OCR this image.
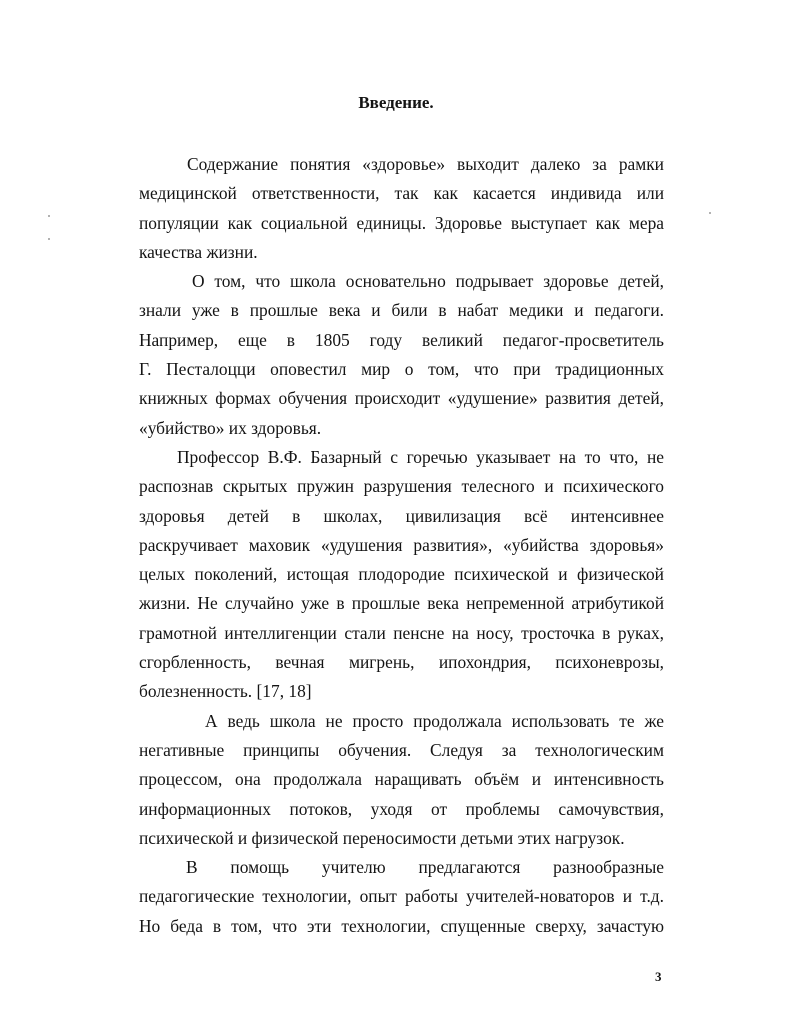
Введение.

Содержание понятия «здоровье» выходит далеко за рамки
медицинской ответственности, так как касается индивида или
популяции как социальной единицы. Здоровье выступает как мера
качества жизни.

О том, что школа основательно подрывает здоровье детей,
знали уже в прошлые века и били в набат медики и педагоги.
Например, еще в 1805 году великий педагог-просветитель
Г. Песталоцци оповестил мир о том, что при традиционных
книжных формах обучения происходит «удушение» развития детей,
«убийство» их здоровья.

Профессор В.Ф. Базарный с горечью указывает на то что, не
распознав скрытых пружин разрушения телесного и психического
здоровья детей в школах, цивилизация всё интенсивнее
раскручивает маховик «удушения развития», «убийства здоровья»
целых поколений, истощая плодородие психической и физической
жизни. Не случайно уже в прошлые века непременной атрибутикой
грамотной интеллигенции стали пенсне на носу, тросточка в руках,
сгорбленность, вечная мигрень, ипохондрия, психоневрозы,
болезненность. [17, 18]

А ведь школа не просто продолжала использовать те же
негативные принципы обучения. Следуя за технологическим
процессом, она продолжала наращивать объём и интенсивность
информационных потоков, уходя от проблемы самочувствия,
психической и физической переносимости детьми этих нагрузок.

В помощь учителю предлагаются разнообразные
педагогические технологии, опыт работы учителей-новаторов и т.д.
Но беда в том, что эти технологии, спущенные сверху, зачастую

3
